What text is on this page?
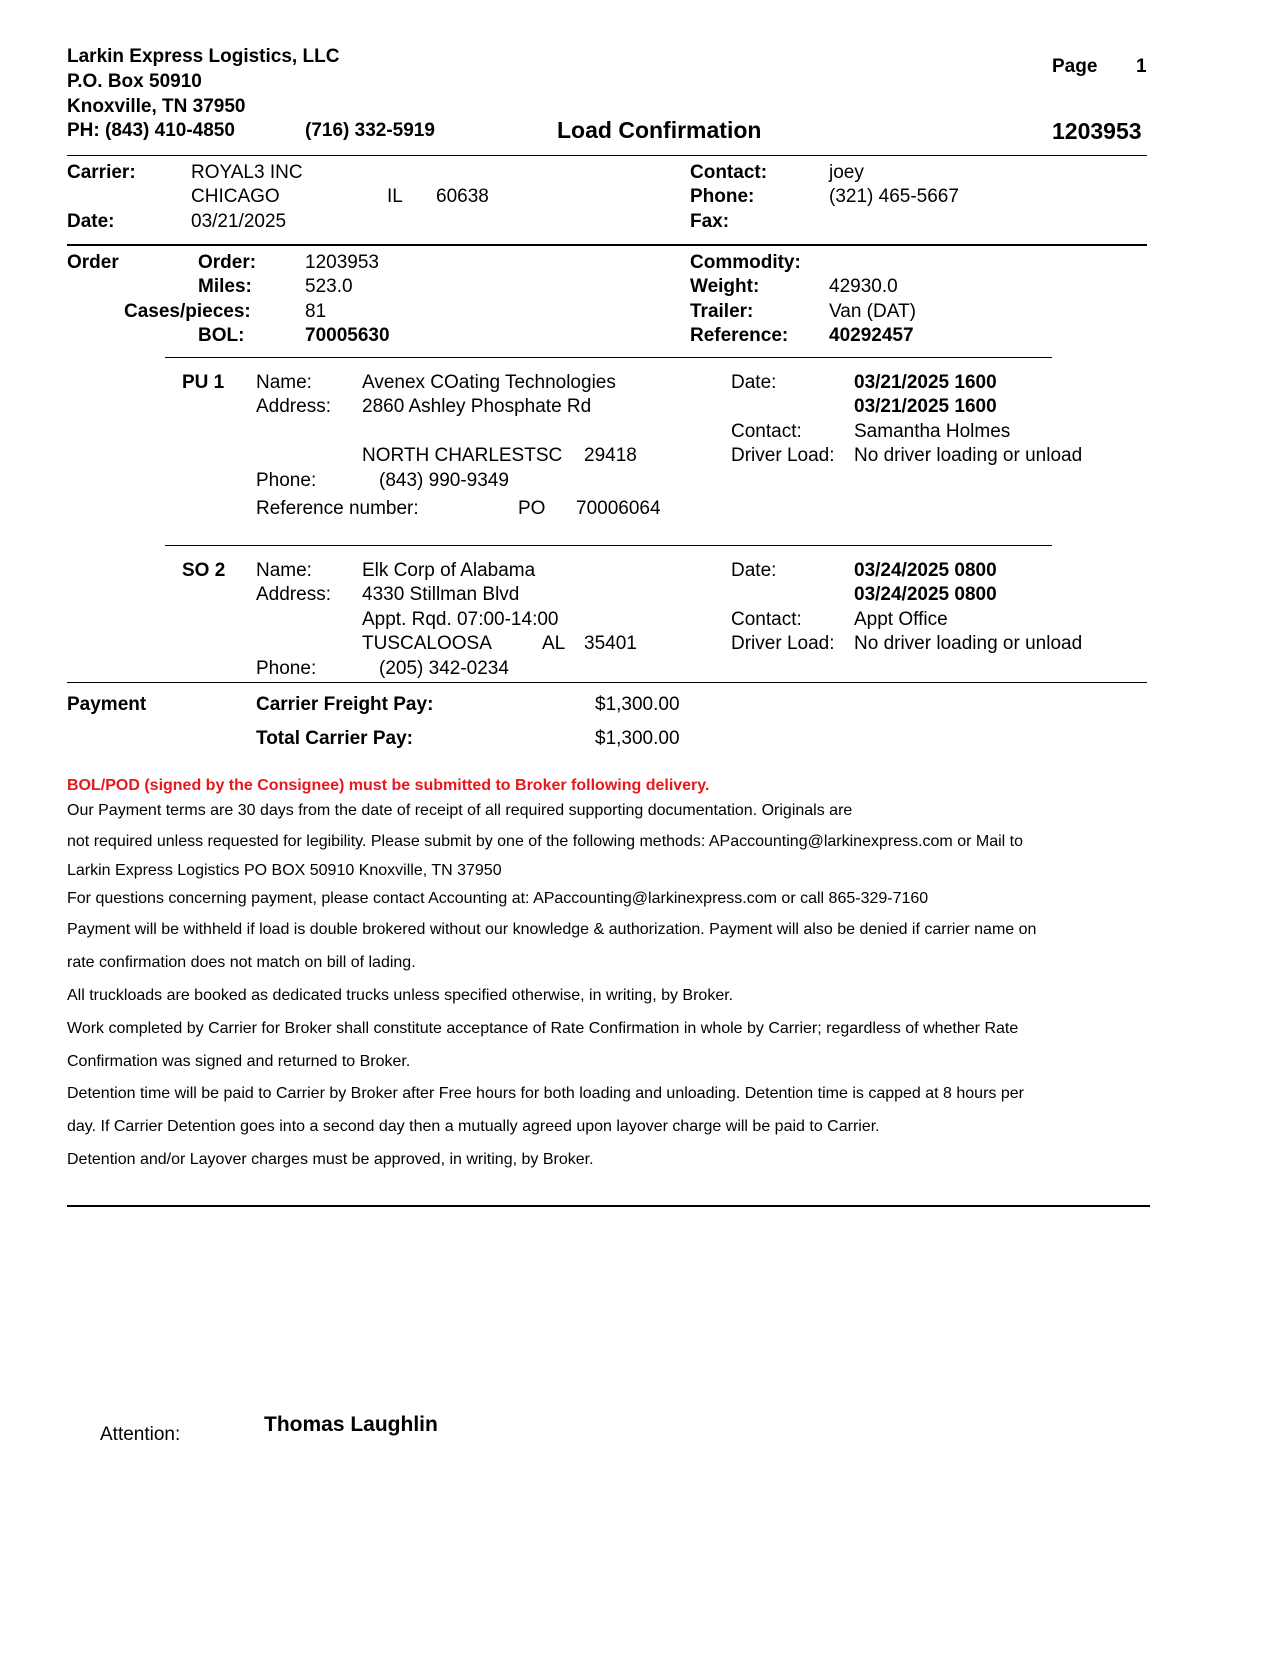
Larkin Express Logistics, LLC
P.O. Box 50910
Knoxville, TN 37950
PH: (843) 410-4850	(716) 332-5919
Page 1
Load Confirmation	1203953
Carrier:	ROYAL3 INC
CHICAGO	IL 60638
Date:	03/21/2025
Contact:	joey
Phone:	(321) 465-5667
Fax:
Order	Order:	1203953
Miles:	523.0
Cases/pieces:	81
BOL:	70005630
Commodity:
Weight:	42930.0
Trailer:	Van (DAT)
Reference: 40292457
PU 1 Name:	Avenex COating Technologies
Address: 2860 Ashley Phosphate Rd
NORTH CHARLESTSC 29418
Phone:	(843) 990-9349
Reference number:	PO 70006064
Date:	03/21/2025 1600
03/21/2025 1600
Contact:	Samantha Holmes
Driver Load: No driver loading or unload
SO 2 Name:	Elk Corp of Alabama
Address: 4330 Stillman Blvd
Appt. Rqd. 07:00-14:00
TUSCALOOSA	AL 35401
Phone:	(205) 342-0234
Date:	03/24/2025 0800
03/24/2025 0800
Contact:	Appt Office
Driver Load: No driver loading or unload
Payment	Carrier Freight Pay:	$1,300.00
Total Carrier Pay:	$1,300.00
BOL/POD (signed by the Consignee) must be submitted to Broker following delivery.
Our Payment terms are 30 days from the date of receipt of all required supporting documentation. Originals are
not required unless requested for legibility. Please submit by one of the following methods: APaccounting@larkinexpress.com or Mail to
Larkin Express Logistics PO BOX 50910 Knoxville, TN 37950
For questions concerning payment, please contact Accounting at: APaccounting@larkinexpress.com or call 865-329-7160
Payment will be withheld if load is double brokered without our knowledge & authorization. Payment will also be denied if carrier name on
rate confirmation does not match on bill of lading.
All truckloads are booked as dedicated trucks unless specified otherwise, in writing, by Broker.
Work completed by Carrier for Broker shall constitute acceptance of Rate Confirmation in whole by Carrier; regardless of whether Rate
Confirmation was signed and returned to Broker.
Detention time will be paid to Carrier by Broker after Free hours for both loading and unloading. Detention time is capped at 8 hours per
day. If Carrier Detention goes into a second day then a mutually agreed upon layover charge will be paid to Carrier.
Detention and/or Layover charges must be approved, in writing, by Broker.
Attention:	Thomas Laughlin
